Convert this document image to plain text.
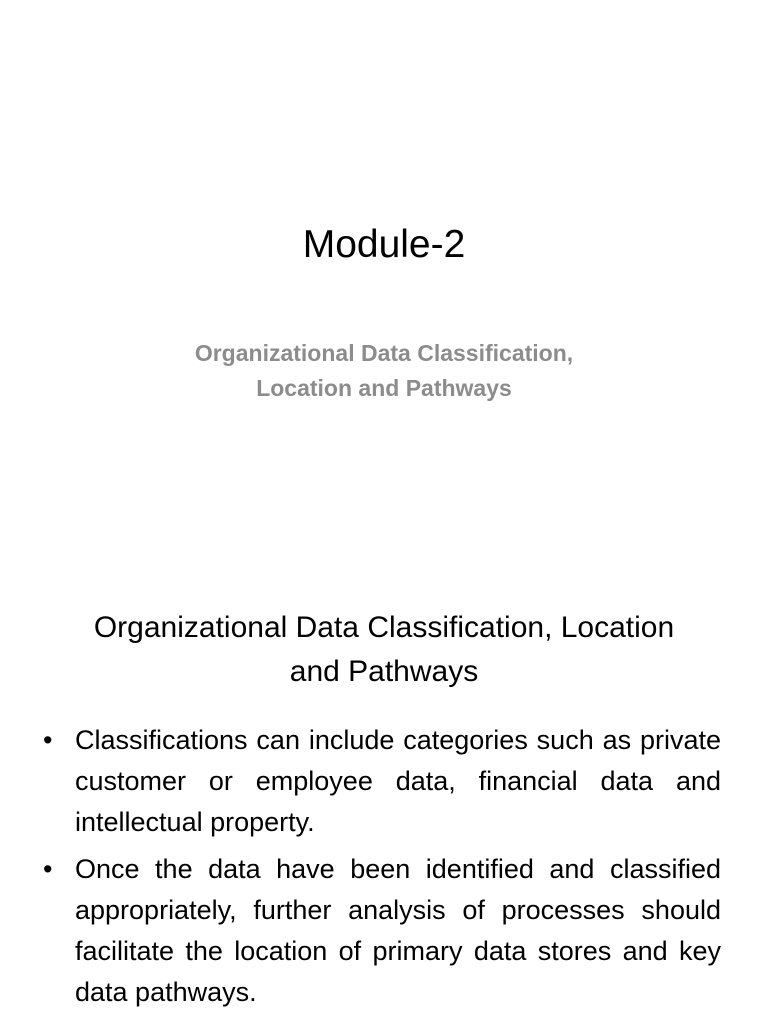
Module-2
Organizational Data Classification,
Location and Pathways
Organizational Data Classification, Location
and Pathways
• Classifications can include categories such as private customer or employee data, financial data and intellectual property.
• Once the data have been identified and classified appropriately, further analysis of processes should facilitate the location of primary data stores and key data pathways.
